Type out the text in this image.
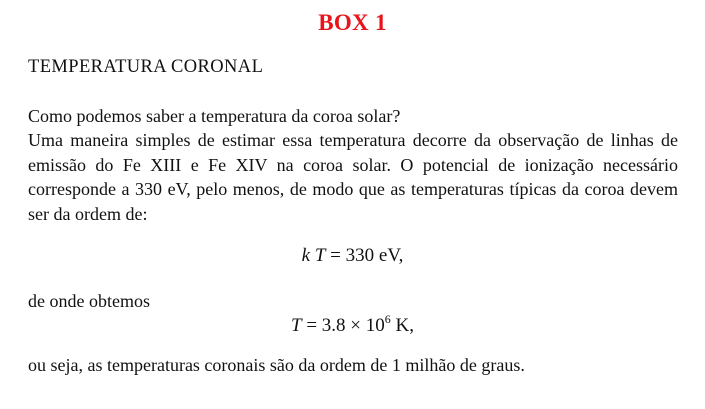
BOX 1
TEMPERATURA CORONAL
Como podemos saber a temperatura da coroa solar?
Uma maneira simples de estimar essa temperatura decorre da observação de linhas de emissão do Fe XIII e Fe XIV na coroa solar. O potencial de ionização necessário corresponde a 330 eV, pelo menos, de modo que as temperaturas típicas da coroa devem ser da ordem de:
k T = 330 eV,
de onde obtemos
$T = 3.8 \times 10^6$ K,
ou seja, as temperaturas coronais são da ordem de 1 milhão de graus.
